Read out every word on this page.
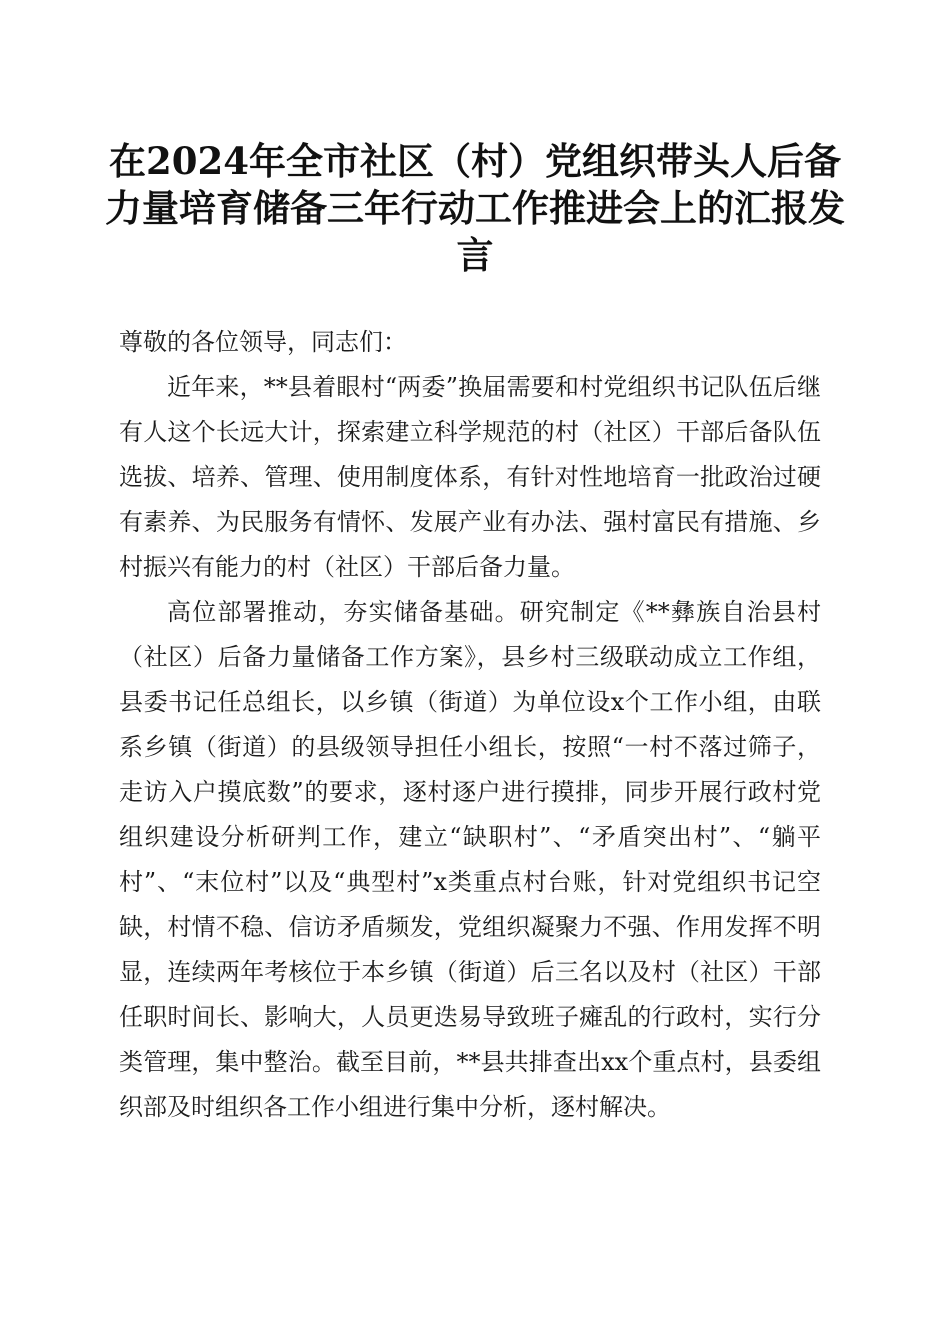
在2024年全市社区（村）党组织带头人后备力量培育储备三年行动工作推进会上的汇报发言

尊敬的各位领导，同志们：

近年来，**县着眼村“两委”换届需要和村党组织书记队伍后继有人这个长远大计，探索建立科学规范的村（社区）干部后备队伍选拔、培养、管理、使用制度体系，有针对性地培育一批政治过硬有素养、为民服务有情怀、发展产业有办法、强村富民有措施、乡村振兴有能力的村（社区）干部后备力量。

高位部署推动，夯实储备基础。研究制定《**彝族自治县村（社区）后备力量储备工作方案》，县乡村三级联动成立工作组，县委书记任总组长，以乡镇（街道）为单位设x个工作小组，由联系乡镇（街道）的县级领导担任小组长，按照“一村不落过筛子，走访入户摸底数”的要求，逐村逐户进行摸排，同步开展行政村党组织建设分析研判工作，建立“缺职村”、“矛盾突出村”、“躺平村”、“末位村”以及“典型村”x类重点村台账，针对党组织书记空缺，村情不稳、信访矛盾频发，党组织凝聚力不强、作用发挥不明显，连续两年考核位于本乡镇（街道）后三名以及村（社区）干部任职时间长、影响大，人员更迭易导致班子瘫乱的行政村，实行分类管理，集中整治。截至目前，**县共排查出xx个重点村，县委组织部及时组织各工作小组进行集中分析，逐村解决。
